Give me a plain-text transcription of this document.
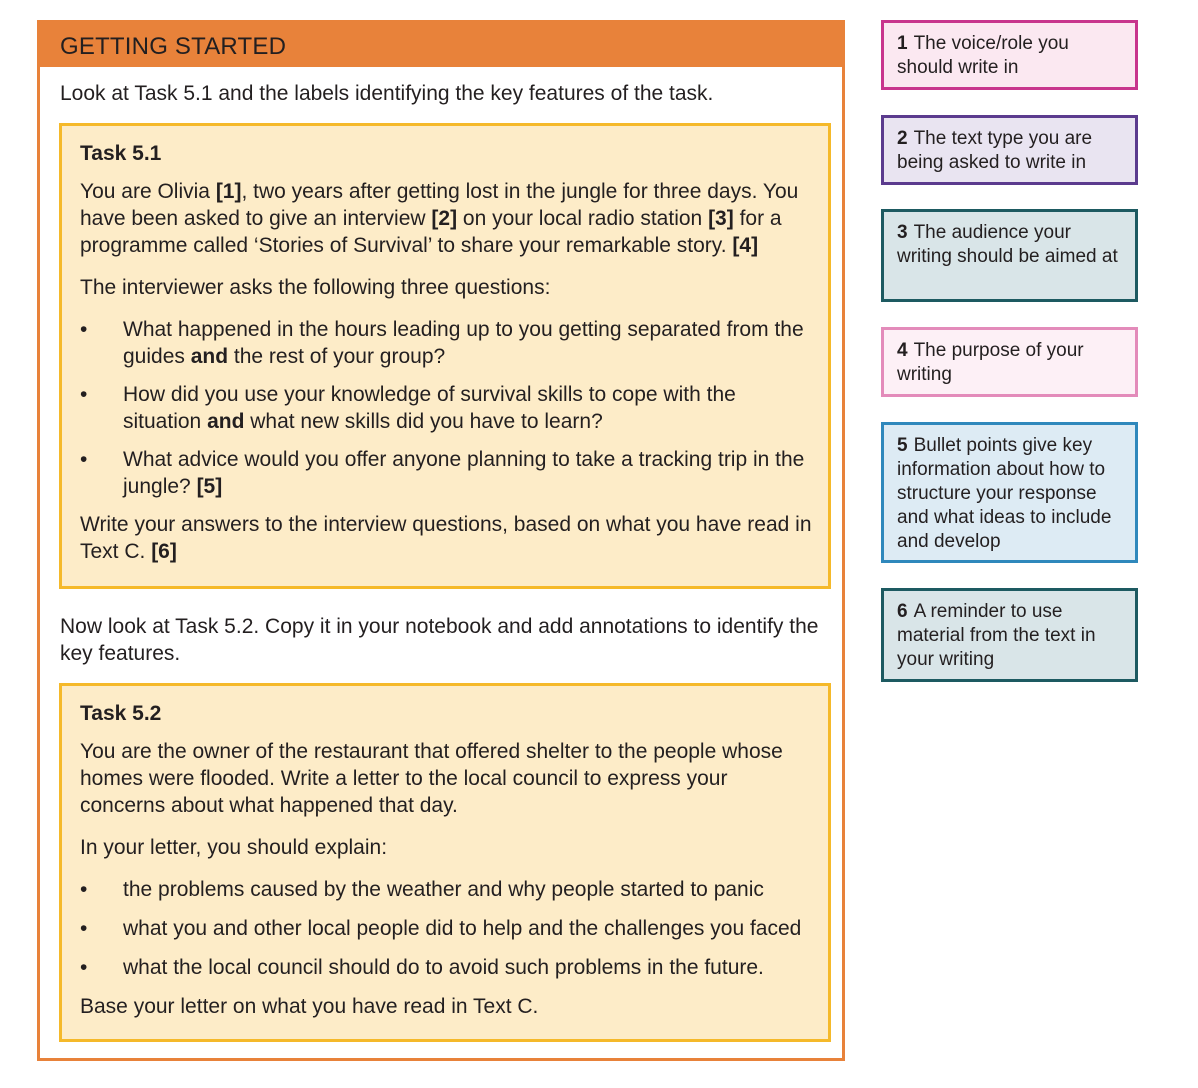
GETTING STARTED
Look at Task 5.1 and the labels identifying the key features of the task.
Task 5.1

You are Olivia [1], two years after getting lost in the jungle for three days. You have been asked to give an interview [2] on your local radio station [3] for a programme called ‘Stories of Survival’ to share your remarkable story. [4]

The interviewer asks the following three questions:

• What happened in the hours leading up to you getting separated from the guides and the rest of your group?
• How did you use your knowledge of survival skills to cope with the situation and what new skills did you have to learn?
• What advice would you offer anyone planning to take a tracking trip in the jungle? [5]

Write your answers to the interview questions, based on what you have read in Text C. [6]

Now look at Task 5.2. Copy it in your notebook and add annotations to identify the key features.
Task 5.2

You are the owner of the restaurant that offered shelter to the people whose homes were flooded. Write a letter to the local council to express your concerns about what happened that day.

In your letter, you should explain:

• the problems caused by the weather and why people started to panic
• what you and other local people did to help and the challenges you faced
• what the local council should do to avoid such problems in the future.

Base your letter on what you have read in Text C.

1 The voice/role you should write in
2 The text type you are being asked to write in
3 The audience your writing should be aimed at
4 The purpose of your writing
5 Bullet points give key information about how to structure your response and what ideas to include and develop
6 A reminder to use material from the text in your writing
